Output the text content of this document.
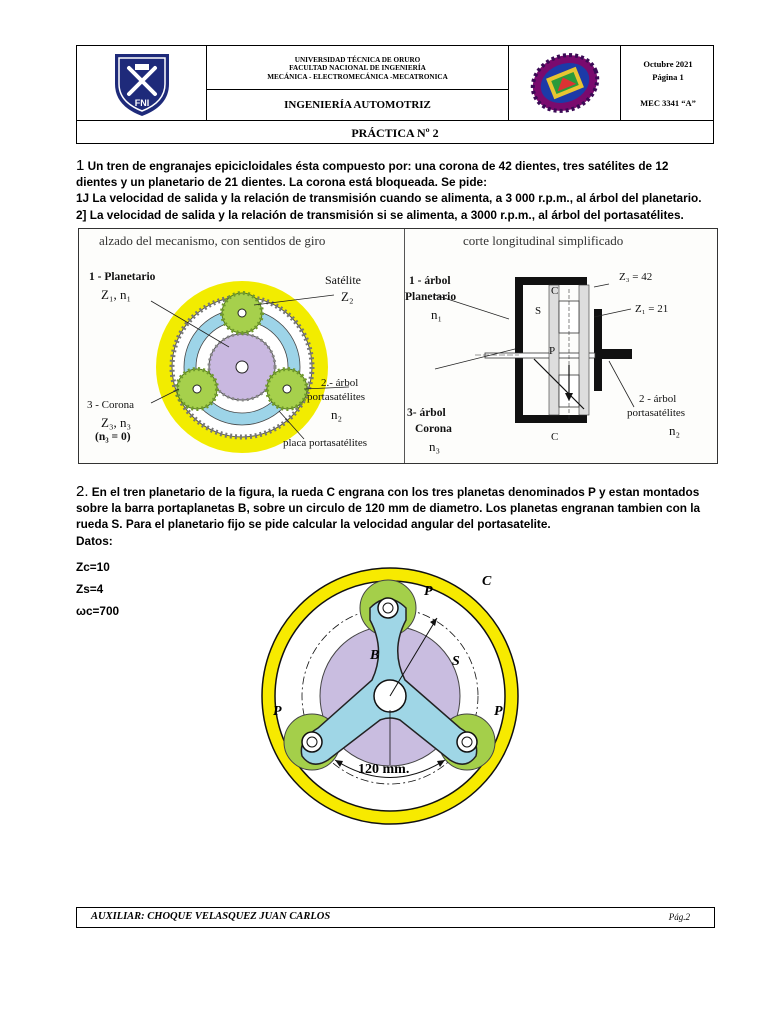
FNI
UNIVERSIDAD TÉCNICA DE ORURO
FACULTAD NACIONAL DE INGENIERÍA
MECÁNICA - ELECTROMECÁNICA -MECATRONICA
INGENIERÍA AUTOMOTRIZ
Octubre 2021
Página 1
MEC 3341 “A”
PRÁCTICA Nº 2
1 Un tren de engranajes epicicloidales ésta compuesto por: una corona de 42 dientes, tres satélites de 12
dientes y un planetario de 21 dientes. La corona está bloqueada. Se pide:
1J La velocidad de salida y la relación de transmisión cuando se alimenta, a 3 000 r.p.m., al árbol del planetario.
2] La velocidad de salida y la relación de transmisión si se alimenta, a 3000 r.p.m., al árbol del portasatélites.
alzado del mecanismo, con sentidos de giro	corte longitudinal simplificado
1 - Planetario
Z₁, n₁
Satélite
Z₂
2.- árbol
portasatélites
n₂
3 - Corona
Z₃, n₃
(n₃ = 0)	placa portasatélites
1 - árbol
Planetario
n₁
Z₃ = 42
Z₁ = 21
C
S
P
S
C
3- árbol
Corona
n₃
2 - árbol
portasatélites
n₂
2. En el tren planetario de la figura, la rueda C engrana con los tres planetas denominados P y estan montados
sobre la barra portaplanetas B, sobre un circulo de 120 mm de diametro. Los planetas engranan tambien con la
rueda S. Para el planetario fijo se pide calcular la velocidad angular del portasatelite.
Datos:
Zc=10
Zs=4
ωc=700
C
P
P	P
B	S
120 mm.
AUXILIAR: CHOQUE VELASQUEZ JUAN CARLOS	Pág.2
